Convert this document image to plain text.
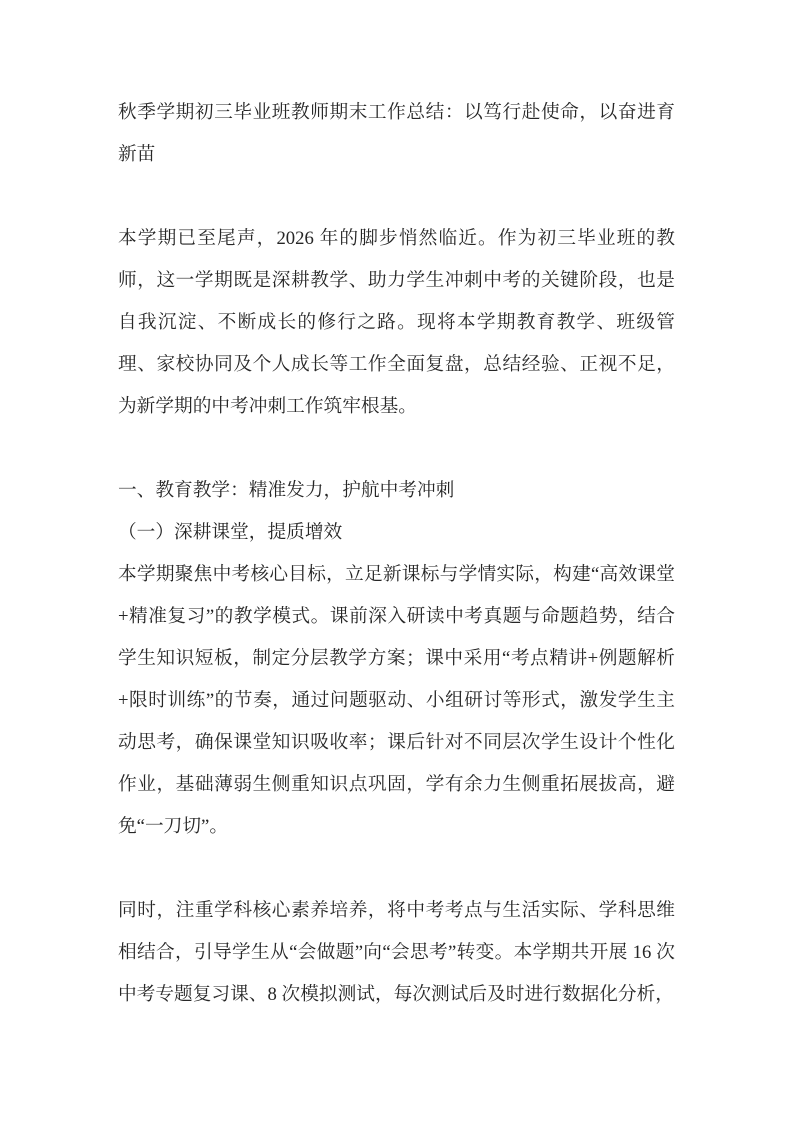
秋季学期初三毕业班教师期末工作总结：以笃行赴使命，以奋进育新苗

本学期已至尾声，2026 年的脚步悄然临近。作为初三毕业班的教师，这一学期既是深耕教学、助力学生冲刺中考的关键阶段，也是自我沉淀、不断成长的修行之路。现将本学期教育教学、班级管理、家校协同及个人成长等工作全面复盘，总结经验、正视不足，为新学期的中考冲刺工作筑牢根基。

一、教育教学：精准发力，护航中考冲刺

（一）深耕课堂，提质增效

本学期聚焦中考核心目标，立足新课标与学情实际，构建“高效课堂+精准复习”的教学模式。课前深入研读中考真题与命题趋势，结合学生知识短板，制定分层教学方案；课中采用“考点精讲+例题解析+限时训练”的节奏，通过问题驱动、小组研讨等形式，激发学生主动思考，确保课堂知识吸收率；课后针对不同层次学生设计个性化作业，基础薄弱生侧重知识点巩固，学有余力生侧重拓展拔高，避免“一刀切”。

同时，注重学科核心素养培养，将中考考点与生活实际、学科思维相结合，引导学生从“会做题”向“会思考”转变。本学期共开展 16 次中考专题复习课、8 次模拟测试，每次测试后及时进行数据化分析，
